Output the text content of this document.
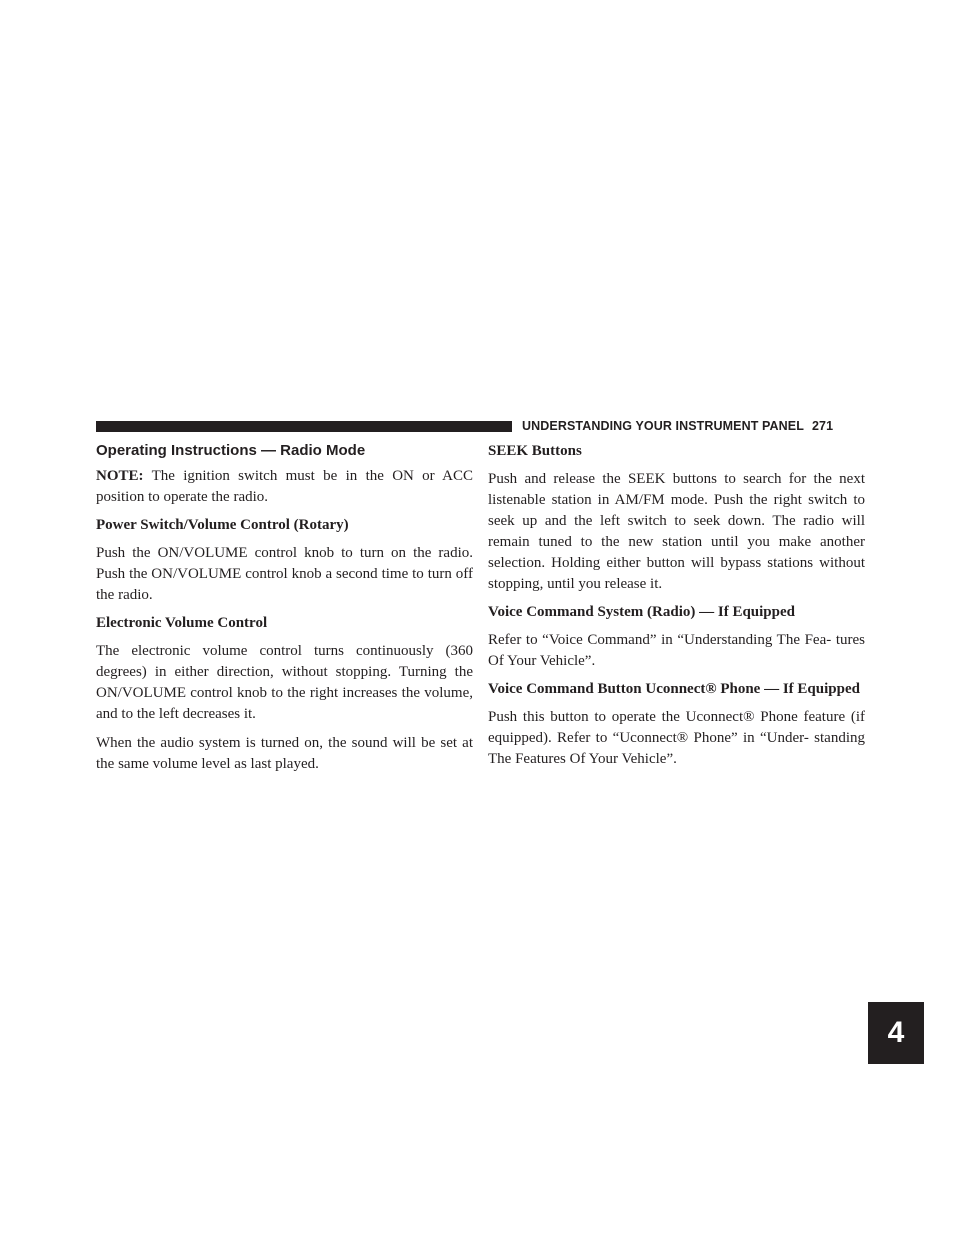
UNDERSTANDING YOUR INSTRUMENT PANEL 271
4
Operating Instructions — Radio Mode

NOTE: The ignition switch must be in the ON or ACC position to operate the radio.

Power Switch/Volume Control (Rotary)

Push the ON/VOLUME control knob to turn on the radio. Push the ON/VOLUME control knob a second time to turn off the radio.

Electronic Volume Control

The electronic volume control turns continuously (360 degrees) in either direction, without stopping. Turning the ON/VOLUME control knob to the right increases the volume, and to the left decreases it.

When the audio system is turned on, the sound will be set at the same volume level as last played.

SEEK Buttons

Push and release the SEEK buttons to search for the next listenable station in AM/FM mode. Push the right switch to seek up and the left switch to seek down. The radio will remain tuned to the new station until you make another selection. Holding either button will bypass stations without stopping, until you release it.

Voice Command System (Radio) — If Equipped

Refer to “Voice Command” in “Understanding The Fea- tures Of Your Vehicle”.

Voice Command Button Uconnect® Phone — If Equipped

Push this button to operate the Uconnect® Phone feature (if equipped). Refer to “Uconnect® Phone” in “Under- standing The Features Of Your Vehicle”.
